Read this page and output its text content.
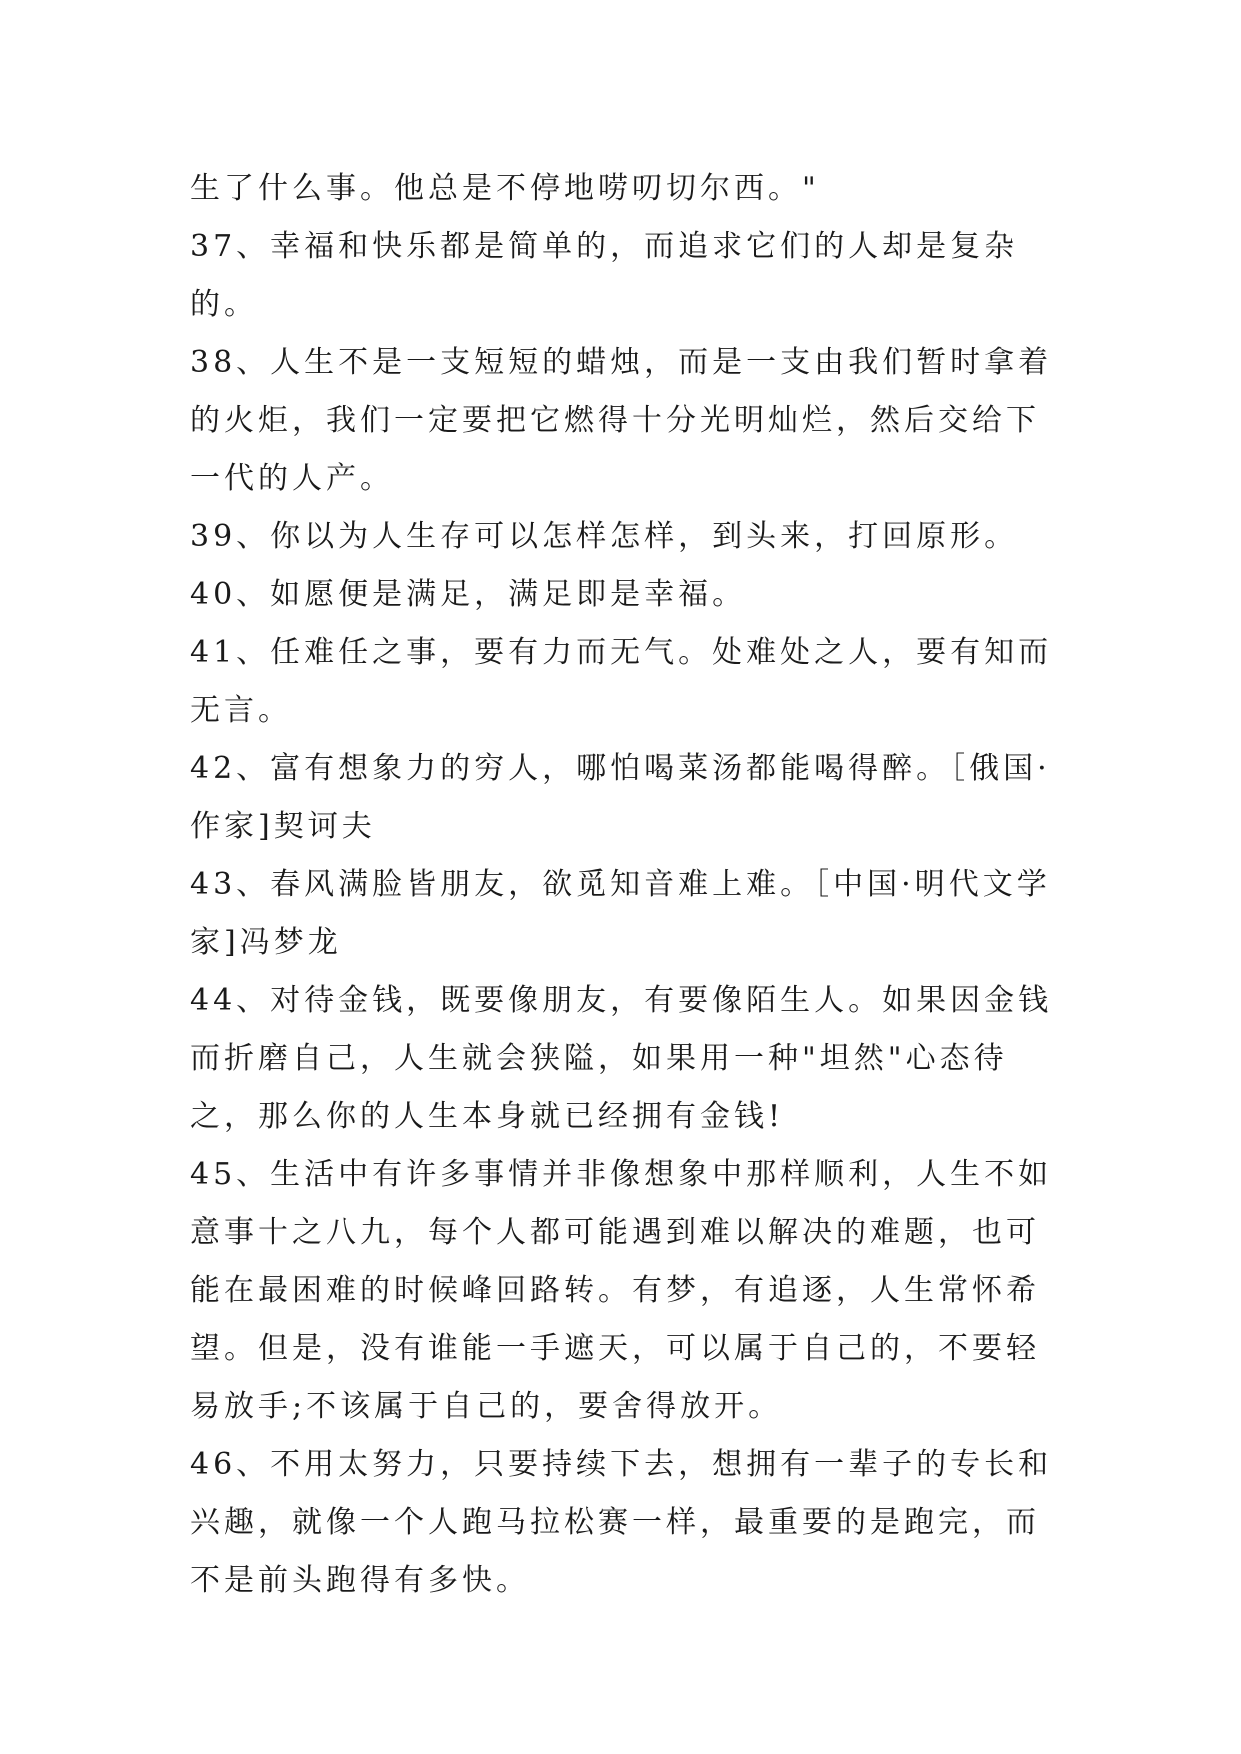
生了什么事。他总是不停地唠叨切尔西。"

37、幸福和快乐都是简单的，而追求它们的人却是复杂的。

38、人生不是一支短短的蜡烛，而是一支由我们暂时拿着的火炬，我们一定要把它燃得十分光明灿烂，然后交给下一代的人产。

39、你以为人生存可以怎样怎样，到头来，打回原形。

40、如愿便是满足，满足即是幸福。

41、任难任之事，要有力而无气。处难处之人，要有知而无言。

42、富有想象力的穷人，哪怕喝菜汤都能喝得醉。［俄国·作家]契诃夫

43、春风满脸皆朋友，欲觅知音难上难。［中国·明代文学家]冯梦龙

44、对待金钱，既要像朋友，有要像陌生人。如果因金钱而折磨自己，人生就会狭隘，如果用一种"坦然"心态待之，那么你的人生本身就已经拥有金钱!

45、生活中有许多事情并非像想象中那样顺利，人生不如意事十之八九，每个人都可能遇到难以解决的难题，也可能在最困难的时候峰回路转。有梦，有追逐，人生常怀希望。但是，没有谁能一手遮天，可以属于自己的，不要轻易放手;不该属于自己的，要舍得放开。

46、不用太努力，只要持续下去，想拥有一辈子的专长和兴趣，就像一个人跑马拉松赛一样，最重要的是跑完，而不是前头跑得有多快。
